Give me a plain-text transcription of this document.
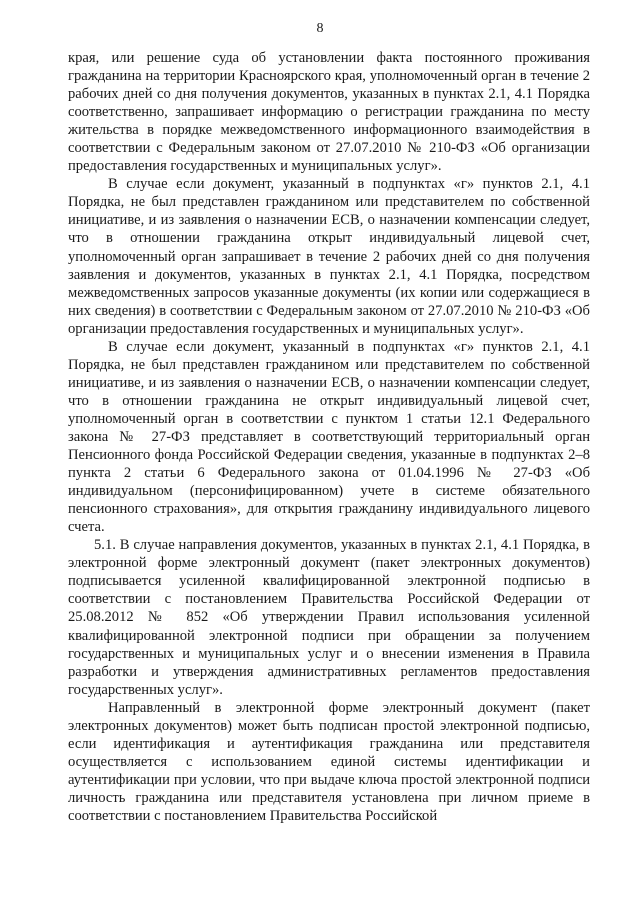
8

края, или решение суда об установлении факта постоянного проживания гражданина на территории Красноярского края, уполномоченный орган в течение 2 рабочих дней со дня получения документов, указанных в пунктах 2.1, 4.1 Порядка соответственно, запрашивает информацию о регистрации гражданина по месту жительства в порядке межведомственного информационного взаимодействия в соответствии с Федеральным законом от 27.07.2010 № 210-ФЗ «Об организации предоставления государственных и муниципальных услуг».

В случае если документ, указанный в подпунктах «г» пунктов 2.1, 4.1 Порядка, не был представлен гражданином или представителем по собственной инициативе, и из заявления о назначении ЕСВ, о назначении компенсации следует, что в отношении гражданина открыт индивидуальный лицевой счет, уполномоченный орган запрашивает в течение 2 рабочих дней со дня получения заявления и документов, указанных в пунктах 2.1, 4.1 Порядка, посредством межведомственных запросов указанные документы (их копии или содержащиеся в них сведения) в соответствии с Федеральным законом от 27.07.2010 № 210-ФЗ «Об организации предоставления государственных и муниципальных услуг».

В случае если документ, указанный в подпунктах «г» пунктов 2.1, 4.1 Порядка, не был представлен гражданином или представителем по собственной инициативе, и из заявления о назначении ЕСВ, о назначении компенсации следует, что в отношении гражданина не открыт индивидуальный лицевой счет, уполномоченный орган в соответствии с пунктом 1 статьи 12.1 Федерального закона № 27-ФЗ представляет в соответствующий территориальный орган Пенсионного фонда Российской Федерации сведения, указанные в подпунктах 2–8 пункта 2 статьи 6 Федерального закона от 01.04.1996 № 27-ФЗ «Об индивидуальном (персонифицированном) учете в системе обязательного пенсионного страхования», для открытия гражданину индивидуального лицевого счета.

5.1. В случае направления документов, указанных в пунктах 2.1, 4.1 Порядка, в электронной форме электронный документ (пакет электронных документов) подписывается усиленной квалифицированной электронной подписью в соответствии с постановлением Правительства Российской Федерации от 25.08.2012 № 852 «Об утверждении Правил использования усиленной квалифицированной электронной подписи при обращении за получением государственных и муниципальных услуг и о внесении изменения в Правила разработки и утверждения административных регламентов предоставления государственных услуг».

Направленный в электронной форме электронный документ (пакет электронных документов) может быть подписан простой электронной подписью, если идентификация и аутентификация гражданина или представителя осуществляется с использованием единой системы идентификации и аутентификации при условии, что при выдаче ключа простой электронной подписи личность гражданина или представителя установлена при личном приеме в соответствии с постановлением Правительства Российской
